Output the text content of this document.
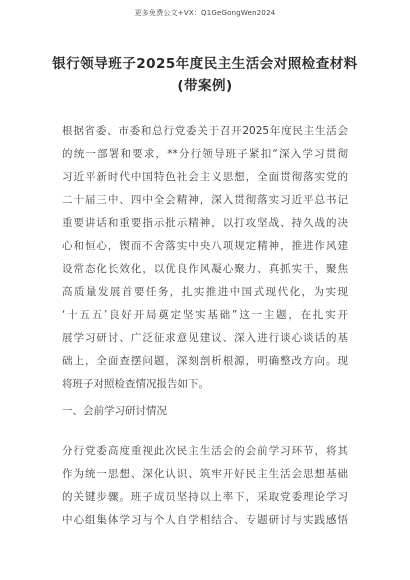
更多免费公文+VX：Q1GeGongWen2024
银行领导班子2025年度民主生活会对照检查材料
(带案例)
根据省委、市委和总行党委关于召开2025年度民主生活会
的统一部署和要求，**分行领导班子紧扣“深入学习贯彻
习近平新时代中国特色社会主义思想，全面贯彻落实党的
二十届三中、四中全会精神，深入贯彻落实习近平总书记
重要讲话和重要指示批示精神，以打攻坚战、持久战的决
心和恒心，锲而不舍落实中央八项规定精神，推进作风建
设常态化长效化，以优良作风凝心聚力、真抓实干，聚焦
高质量发展首要任务，扎实推进中国式现代化，为实现
‘十五五’良好开局奠定坚实基础”这一主题，在扎实开
展学习研讨、广泛征求意见建议、深入进行谈心谈话的基
础上，全面查摆问题，深刻剖析根源，明确整改方向。现
将班子对照检查情况报告如下。
一、会前学习研讨情况
分行党委高度重视此次民主生活会的会前学习环节，将其
作为统一思想、深化认识、筑牢开好民主生活会思想基础
的关键步骤。班子成员坚持以上率下，采取党委理论学习
中心组集体学习与个人自学相结合、专题研讨与实践感悟
